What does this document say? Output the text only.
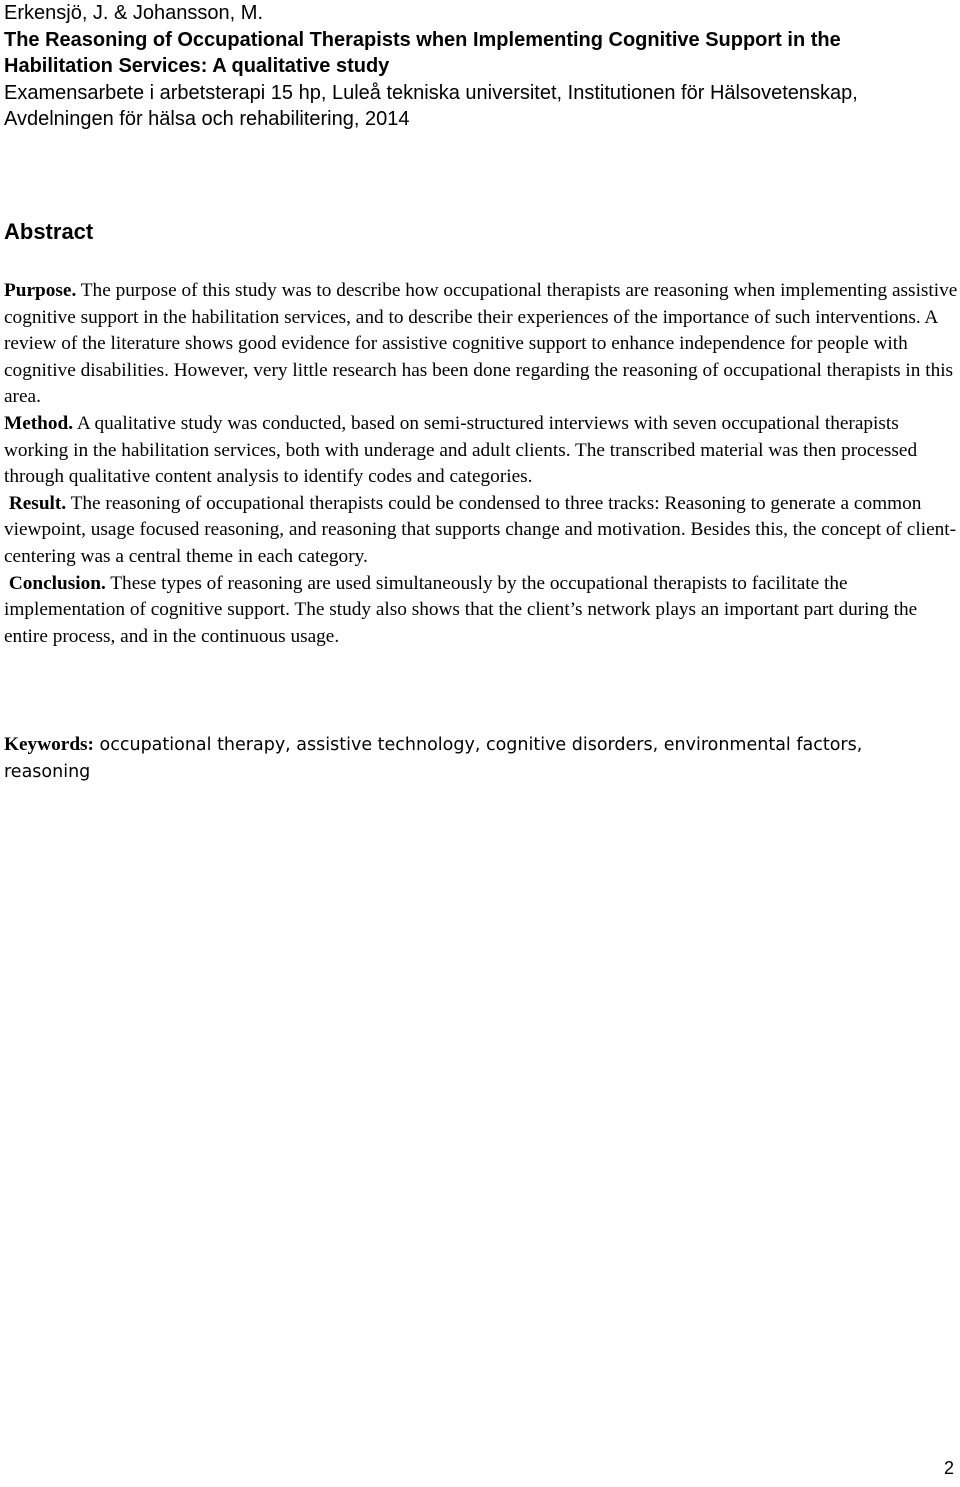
Erkensjö, J. & Johansson, M.
The Reasoning of Occupational Therapists when Implementing Cognitive Support in the Habilitation Services: A qualitative study
Examensarbete i arbetsterapi 15 hp, Luleå tekniska universitet, Institutionen för Hälsovetenskap, Avdelningen för hälsa och rehabilitering, 2014
Abstract

Purpose. The purpose of this study was to describe how occupational therapists are reasoning when implementing assistive cognitive support in the habilitation services, and to describe their experiences of the importance of such interventions. A review of the literature shows good evidence for assistive cognitive support to enhance independence for people with cognitive disabilities. However, very little research has been done regarding the reasoning of occupational therapists in this area.

Method. A qualitative study was conducted, based on semi-structured interviews with seven occupational therapists working in the habilitation services, both with underage and adult clients. The transcribed material was then processed through qualitative content analysis to identify codes and categories.

Result. The reasoning of occupational therapists could be condensed to three tracks: Reasoning to generate a common viewpoint, usage focused reasoning, and reasoning that supports change and motivation. Besides this, the concept of client-centering was a central theme in each category.

Conclusion. These types of reasoning are used simultaneously by the occupational therapists to facilitate the implementation of cognitive support. The study also shows that the client’s network plays an important part during the entire process, and in the continuous usage.

Keywords: occupational therapy, assistive technology, cognitive disorders, environmental factors, reasoning

2
